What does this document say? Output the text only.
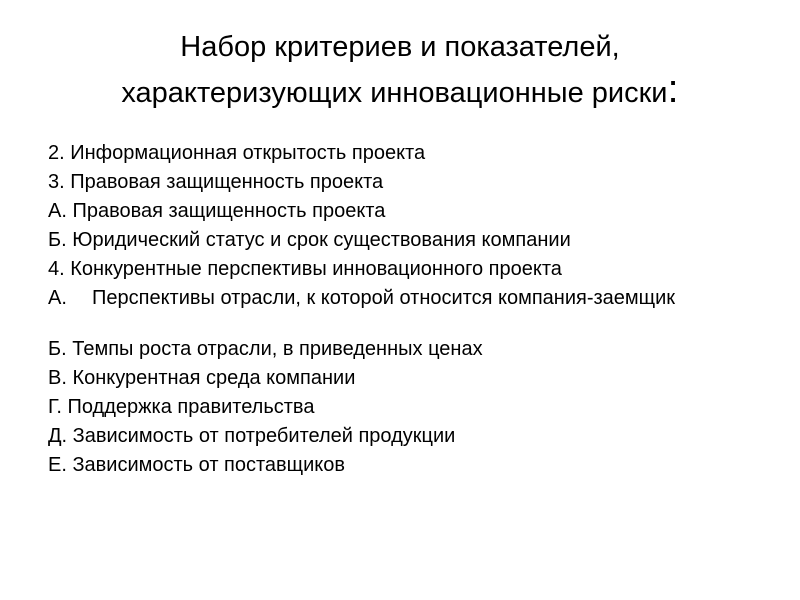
Набор критериев и показателей,
характеризующих инновационные риски:
2. Информационная открытость проекта
3. Правовая защищенность проекта
А. Правовая защищенность проекта
Б. Юридический статус и срок существования компании
4. Конкурентные перспективы инновационного проекта
А.	Перспективы отрасли, к которой относится компания-заемщик
Б. Темпы роста отрасли, в приведенных ценах
В. Конкурентная среда компании
Г. Поддержка правительства
Д. Зависимость от потребителей продукции
Е. Зависимость от поставщиков
